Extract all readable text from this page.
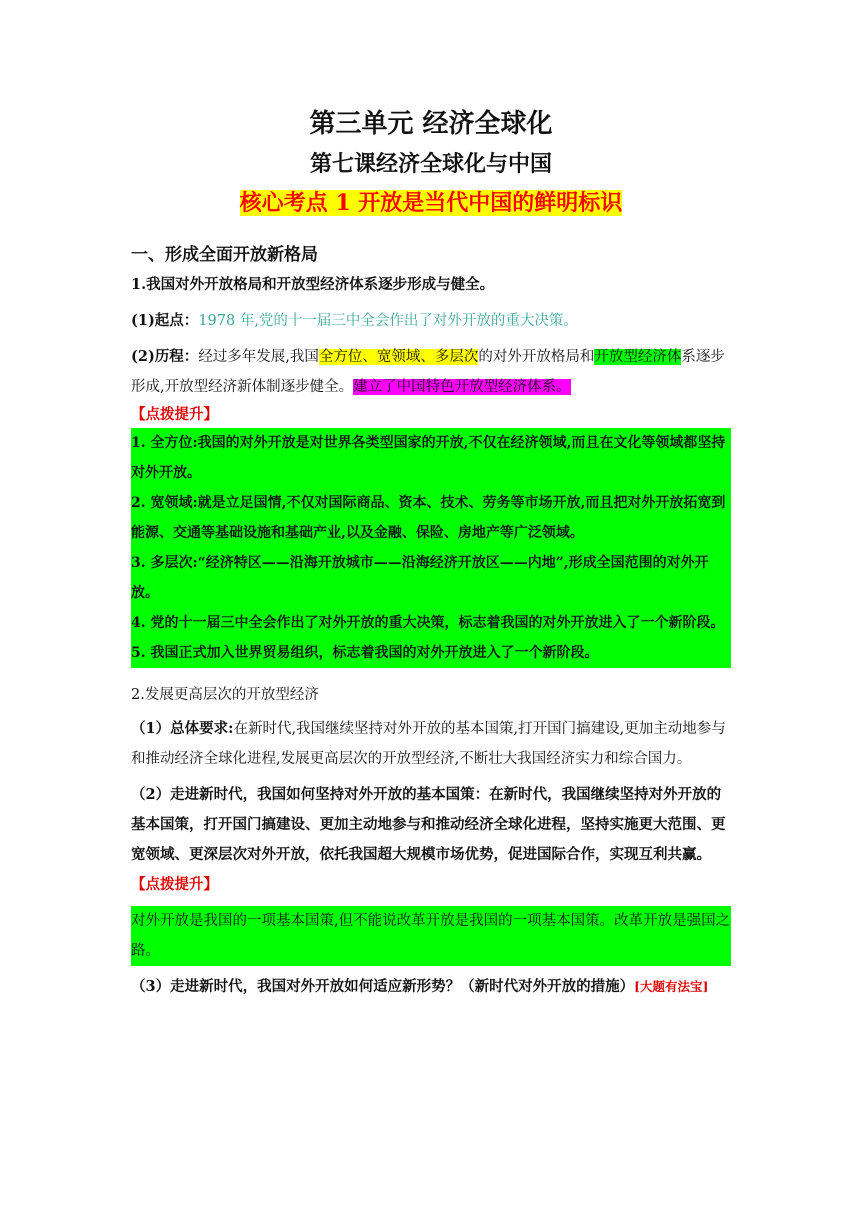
第三单元 经济全球化
第七课经济全球化与中国
核心考点 1 开放是当代中国的鲜明标识
一、形成全面开放新格局

1.我国对外开放格局和开放型经济体系逐步形成与健全。

(1)起点：1978 年,党的十一届三中全会作出了对外开放的重大决策。

(2)历程：经过多年发展,我国全方位、宽领域、多层次的对外开放格局和开放型经济体系逐步形成,开放型经济新体制逐步健全。建立了中国特色开放型经济体系。

【点拨提升】

1. 全方位:我国的对外开放是对世界各类型国家的开放,不仅在经济领域,而且在文化等领域都坚持对外开放。

2. 宽领域:就是立足国情,不仅对国际商品、资本、技术、劳务等市场开放,而且把对外开放拓宽到能源、交通等基础设施和基础产业,以及金融、保险、房地产等广泛领域。

3. 多层次:“经济特区——沿海开放城市——沿海经济开放区——内地”,形成全国范围的对外开放。

4. 党的十一届三中全会作出了对外开放的重大决策，标志着我国的对外开放进入了一个新阶段。

5. 我国正式加入世界贸易组织，标志着我国的对外开放进入了一个新阶段。

2.发展更高层次的开放型经济

（1）总体要求:在新时代,我国继续坚持对外开放的基本国策,打开国门搞建设,更加主动地参与和推动经济全球化进程,发展更高层次的开放型经济,不断壮大我国经济实力和综合国力。

（2）走进新时代，我国如何坚持对外开放的基本国策：在新时代，我国继续坚持对外开放的基本国策，打开国门搞建设、更加主动地参与和推动经济全球化进程，坚持实施更大范围、更宽领域、更深层次对外开放，依托我国超大规模市场优势，促进国际合作，实现互利共赢。

【点拨提升】

对外开放是我国的一项基本国策,但不能说改革开放是我国的一项基本国策。改革开放是强国之路。

（3）走进新时代，我国对外开放如何适应新形势？（新时代对外开放的措施）[大题有法宝]
